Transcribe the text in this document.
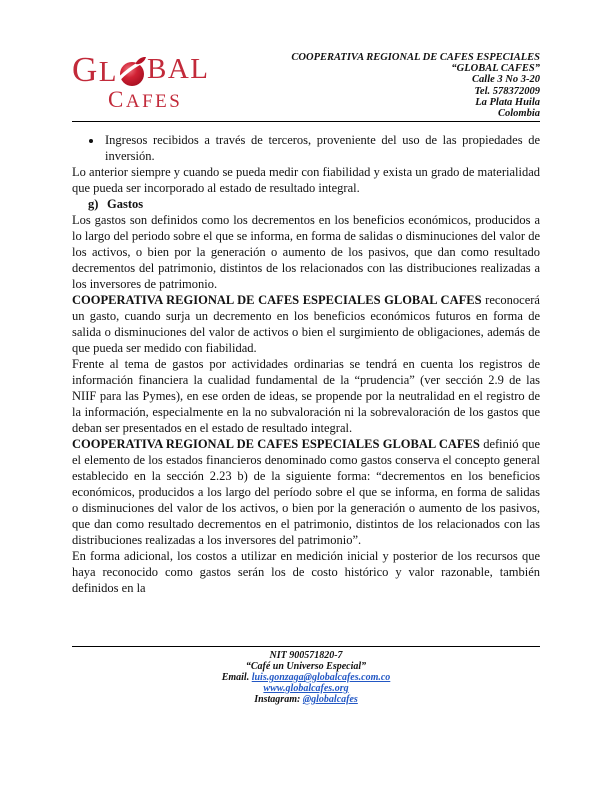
GL BAL
CAFES
COOPERATIVA REGIONAL DE CAFES ESPECIALES
“GLOBAL CAFES”
Calle 3 No 3-20
Tel. 578372009
La Plata Huila
Colombia
• Ingresos recibidos a través de terceros, proveniente del uso de las propiedades de inversión.

Lo anterior siempre y cuando se pueda medir con fiabilidad y exista un grado de materialidad que pueda ser incorporado al estado de resultado integral.

g) Gastos

Los gastos son definidos como los decrementos en los beneficios económicos, producidos a lo largo del periodo sobre el que se informa, en forma de salidas o disminuciones del valor de los activos, o bien por la generación o aumento de los pasivos, que dan como resultado decrementos del patrimonio, distintos de los relacionados con las distribuciones realizadas a los inversores de patrimonio.

COOPERATIVA REGIONAL DE CAFES ESPECIALES GLOBAL CAFES reconocerá un gasto, cuando surja un decremento en los beneficios económicos futuros en forma de salida o disminuciones del valor de activos o bien el surgimiento de obligaciones, además de que pueda ser medido con fiabilidad.

Frente al tema de gastos por actividades ordinarias se tendrá en cuenta los registros de información financiera la cualidad fundamental de la “prudencia” (ver sección 2.9 de las NIIF para las Pymes), en ese orden de ideas, se propende por la neutralidad en el registro de la información, especialmente en la no subvaloración ni la sobrevaloración de los gastos que deban ser presentados en el estado de resultado integral.

COOPERATIVA REGIONAL DE CAFES ESPECIALES GLOBAL CAFES definió que el elemento de los estados financieros denominado como gastos conserva el concepto general establecido en la sección 2.23 b) de la siguiente forma: “decrementos en los beneficios económicos, producidos a los largo del período sobre el que se informa, en forma de salidas o disminuciones del valor de los activos, o bien por la generación o aumento de los pasivos, que dan como resultado decrementos en el patrimonio, distintos de los relacionados con las distribuciones realizadas a los inversores del patrimonio”.

En forma adicional, los costos a utilizar en medición inicial y posterior de los recursos que haya reconocido como gastos serán los de costo histórico y valor razonable, también definidos en la

NIT 900571820-7
“Café un Universo Especial”
Email. luis.gonzaga@globalcafes.com.co
www.globalcafes.org
Instagram: @globalcafes
